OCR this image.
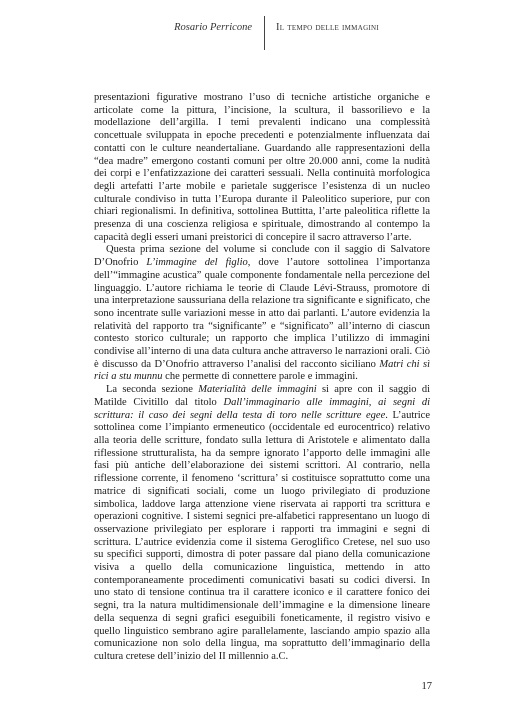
Rosario Perricone Il tempo delle immagini

presentazioni figurative mostrano l’uso di tecniche artistiche organiche e articolate come la pittura, l’incisione, la scultura, il bassorilievo e la modellazione dell’argilla. I temi prevalenti indicano una complessità concettuale sviluppata in epoche precedenti e potenzialmente influenzata dai contatti con le culture neandertaliane. Guardando alle rappresentazioni della “dea madre” emergono costanti comuni per oltre 20.000 anni, come la nudità dei corpi e l’enfatizzazione dei caratteri sessuali. Nella continuità morfologica degli artefatti l’arte mobile e parietale suggerisce l’esistenza di un nucleo culturale condiviso in tutta l’Europa durante il Paleolitico superiore, pur con chiari regionalismi. In definitiva, sottolinea Buttitta, l’arte paleolitica riflette la presenza di una coscienza religiosa e spirituale, dimostrando al contempo la capacità degli esseri umani preistorici di concepire il sacro attraverso l’arte.

Questa prima sezione del volume si conclude con il saggio di Salvatore D’Onofrio L’immagine del figlio, dove l’autore sottolinea l’importanza dell’“immagine acustica” quale componente fondamentale nella percezione del linguaggio. L’autore richiama le teorie di Claude Lévi-Strauss, promotore di una interpretazione saussuriana della relazione tra significante e significato, che sono incentrate sulle variazioni messe in atto dai parlanti. L’autore evidenzia la relatività del rapporto tra “significante” e “significato” all’interno di ciascun contesto storico culturale; un rapporto che implica l’utilizzo di immagini condivise all’interno di una data cultura anche attraverso le narrazioni orali. Ciò è discusso da D’Onofrio attraverso l’analisi del racconto siciliano Matri chi sì rici a stu munnu che permette di connettere parole e immagini.

La seconda sezione Materialità delle immagini si apre con il saggio di Matilde Civitillo dal titolo Dall’immaginario alle immagini, ai segni di scrittura: il caso dei segni della testa di toro nelle scritture egee. L’autrice sottolinea come l’impianto ermeneutico (occidentale ed eurocentrico) relativo alla teoria delle scritture, fondato sulla lettura di Aristotele e alimentato dalla riflessione strutturalista, ha da sempre ignorato l’apporto delle immagini alle fasi più antiche dell’elaborazione dei sistemi scrittori. Al contrario, nella riflessione corrente, il fenomeno ‘scrittura’ si costituisce soprattutto come una matrice di significati sociali, come un luogo privilegiato di produzione simbolica, laddove larga attenzione viene riservata ai rapporti tra scrittura e operazioni cognitive. I sistemi segnici pre-alfabetici rappresentano un luogo di osservazione privilegiato per esplorare i rapporti tra immagini e segni di scrittura. L’autrice evidenzia come il sistema Geroglifico Cretese, nel suo uso su specifici supporti, dimostra di poter passare dal piano della comunicazione visiva a quello della comunicazione linguistica, mettendo in atto contemporaneamente procedimenti comunicativi basati su codici diversi. In uno stato di tensione continua tra il carattere iconico e il carattere fonico dei segni, tra la natura multidimensionale dell’immagine e la dimensione lineare della sequenza di segni grafici eseguibili foneticamente, il registro visivo e quello linguistico sembrano agire parallelamente, lasciando ampio spazio alla comunicazione non solo della lingua, ma soprattutto dell’immaginario della cultura cretese dell’inizio del II millennio a.C.

17
